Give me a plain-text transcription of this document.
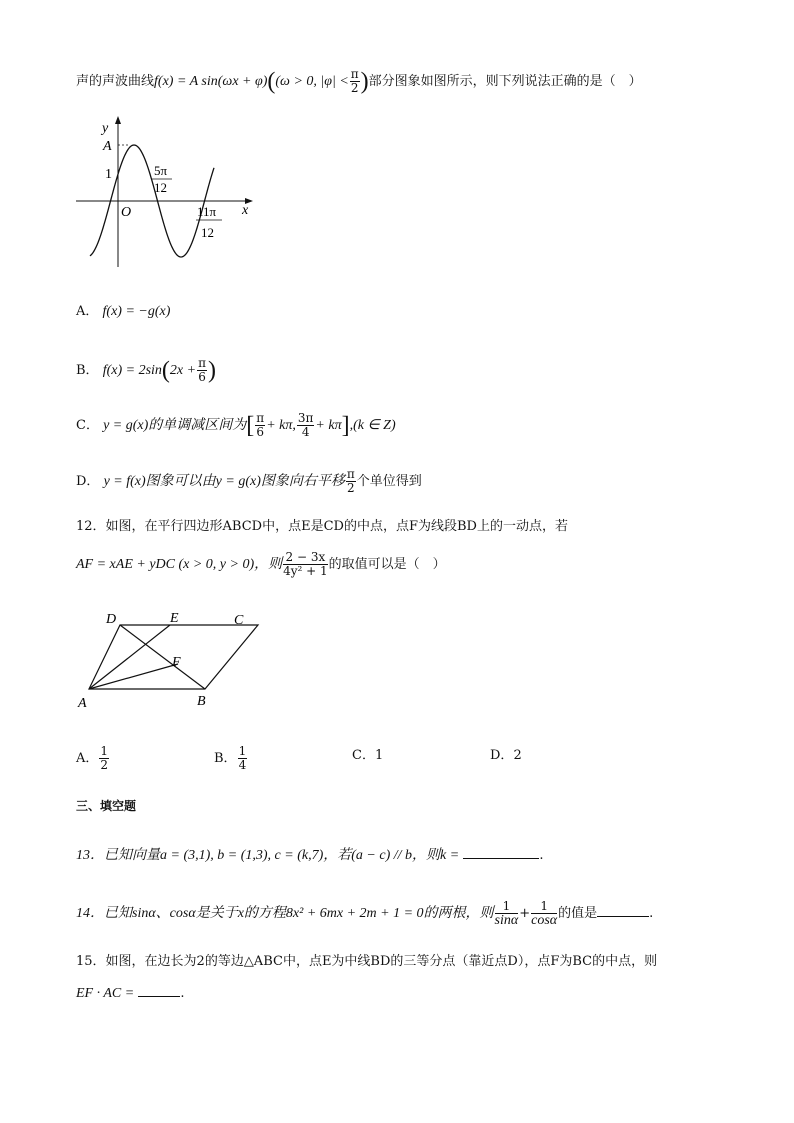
声的声波曲线f(x) = A sin(ωx + φ)((ω > 0, $|\varphi| < \frac{\pi}{2}$ )部分图象如图所示，则下列说法正确的是（　）
y
x
A
1
O
5π
12
11π
12
A． f(x) = −g(x)
B． $f(x) = 2\sin(2x + \frac{\pi}{6}$ )
C． y = g(x)的单调减区间为[ $\frac{\pi}{6} + k\pi$, $\frac{3\pi}{4} + k\pi],(k$ ∈ Z)
D． y = f(x)图象可以由y = g(x)图象向右平移 $\frac{\pi}{2}$ 个单位得到
12．如图，在平行四边形ABCD中，点E是CD的中点，点F为线段BD上的一动点，若
AF = xAE + yDC (x > 0, y > 0)，则 $\frac{2 - 3x}{\text{4y² + 1}}$ 的取值可以是（　）
D	E	C
F
A	B
A． $\frac{1}{2}$	B． $\frac{1}{4}$	C．1	D．2
三、填空题
13．已知向量a = (3,1), b = (1,3), c = (k,7)，若(a − c) // b，则k =	.
14．已知sinα、cosα是关于x的方程8x² + 6mx + 2m + 1 = 0的两根，则 $\frac{1}{\sin\alpha} + \frac{1}{\cos\alpha}$ 的值是	.
15．如图，在边长为2的等边△ABC中，点E为中线BD的三等分点（靠近点D），点F为BC的中点，则
EF · AC =	.
